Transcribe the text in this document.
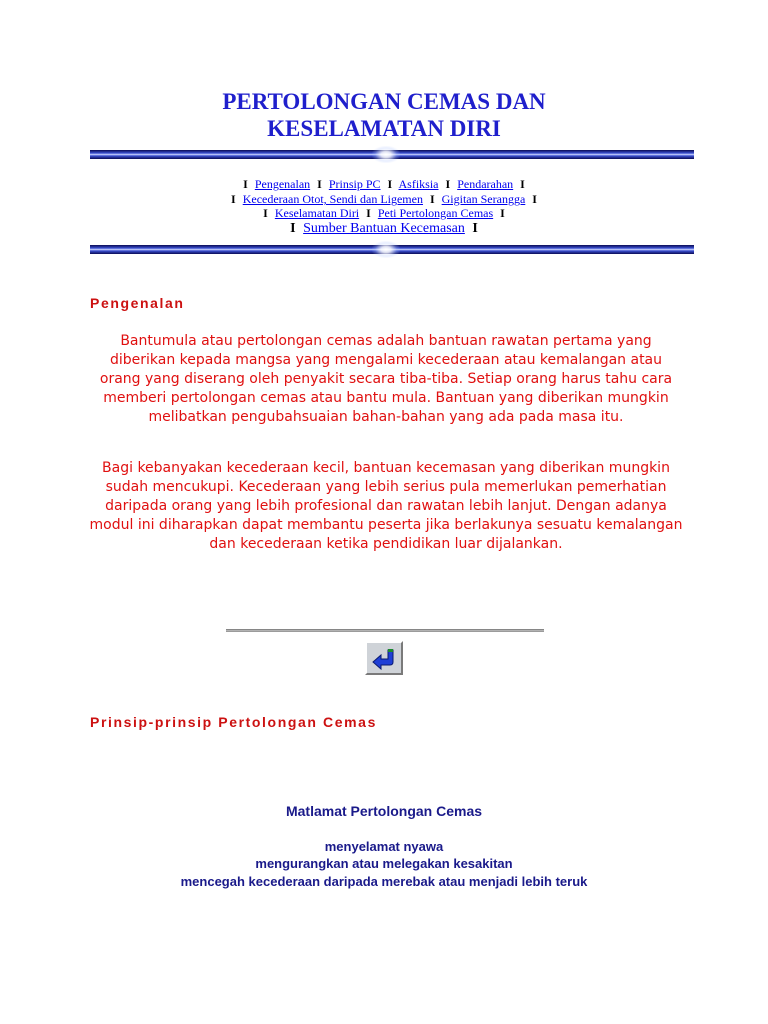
PERTOLONGAN CEMAS DAN
KESELAMATAN DIRI
I Pengenalan I Prinsip PC I Asfiksia I Pendarahan I
I Kecederaan Otot, Sendi dan Ligemen I Gigitan Serangga I
I Keselamatan Diri I Peti Pertolongan Cemas I
I Sumber Bantuan Kecemasan I
Pengenalan
Bantumula atau pertolongan cemas adalah bantuan rawatan pertama yang diberikan kepada mangsa yang mengalami kecederaan atau kemalangan atau orang yang diserang oleh penyakit secara tiba-tiba. Setiap orang harus tahu cara memberi pertolongan cemas atau bantu mula. Bantuan yang diberikan mungkin melibatkan pengubahsuaian bahan-bahan yang ada pada masa itu.
Bagi kebanyakan kecederaan kecil, bantuan kecemasan yang diberikan mungkin sudah mencukupi. Kecederaan yang lebih serius pula memerlukan pemerhatian daripada orang yang lebih profesional dan rawatan lebih lanjut. Dengan adanya modul ini diharapkan dapat membantu peserta jika berlakunya sesuatu kemalangan dan kecederaan ketika pendidikan luar dijalankan.
Prinsip-prinsip Pertolongan Cemas
Matlamat Pertolongan Cemas
menyelamat nyawa
mengurangkan atau melegakan kesakitan
mencegah kecederaan daripada merebak atau menjadi lebih teruk
